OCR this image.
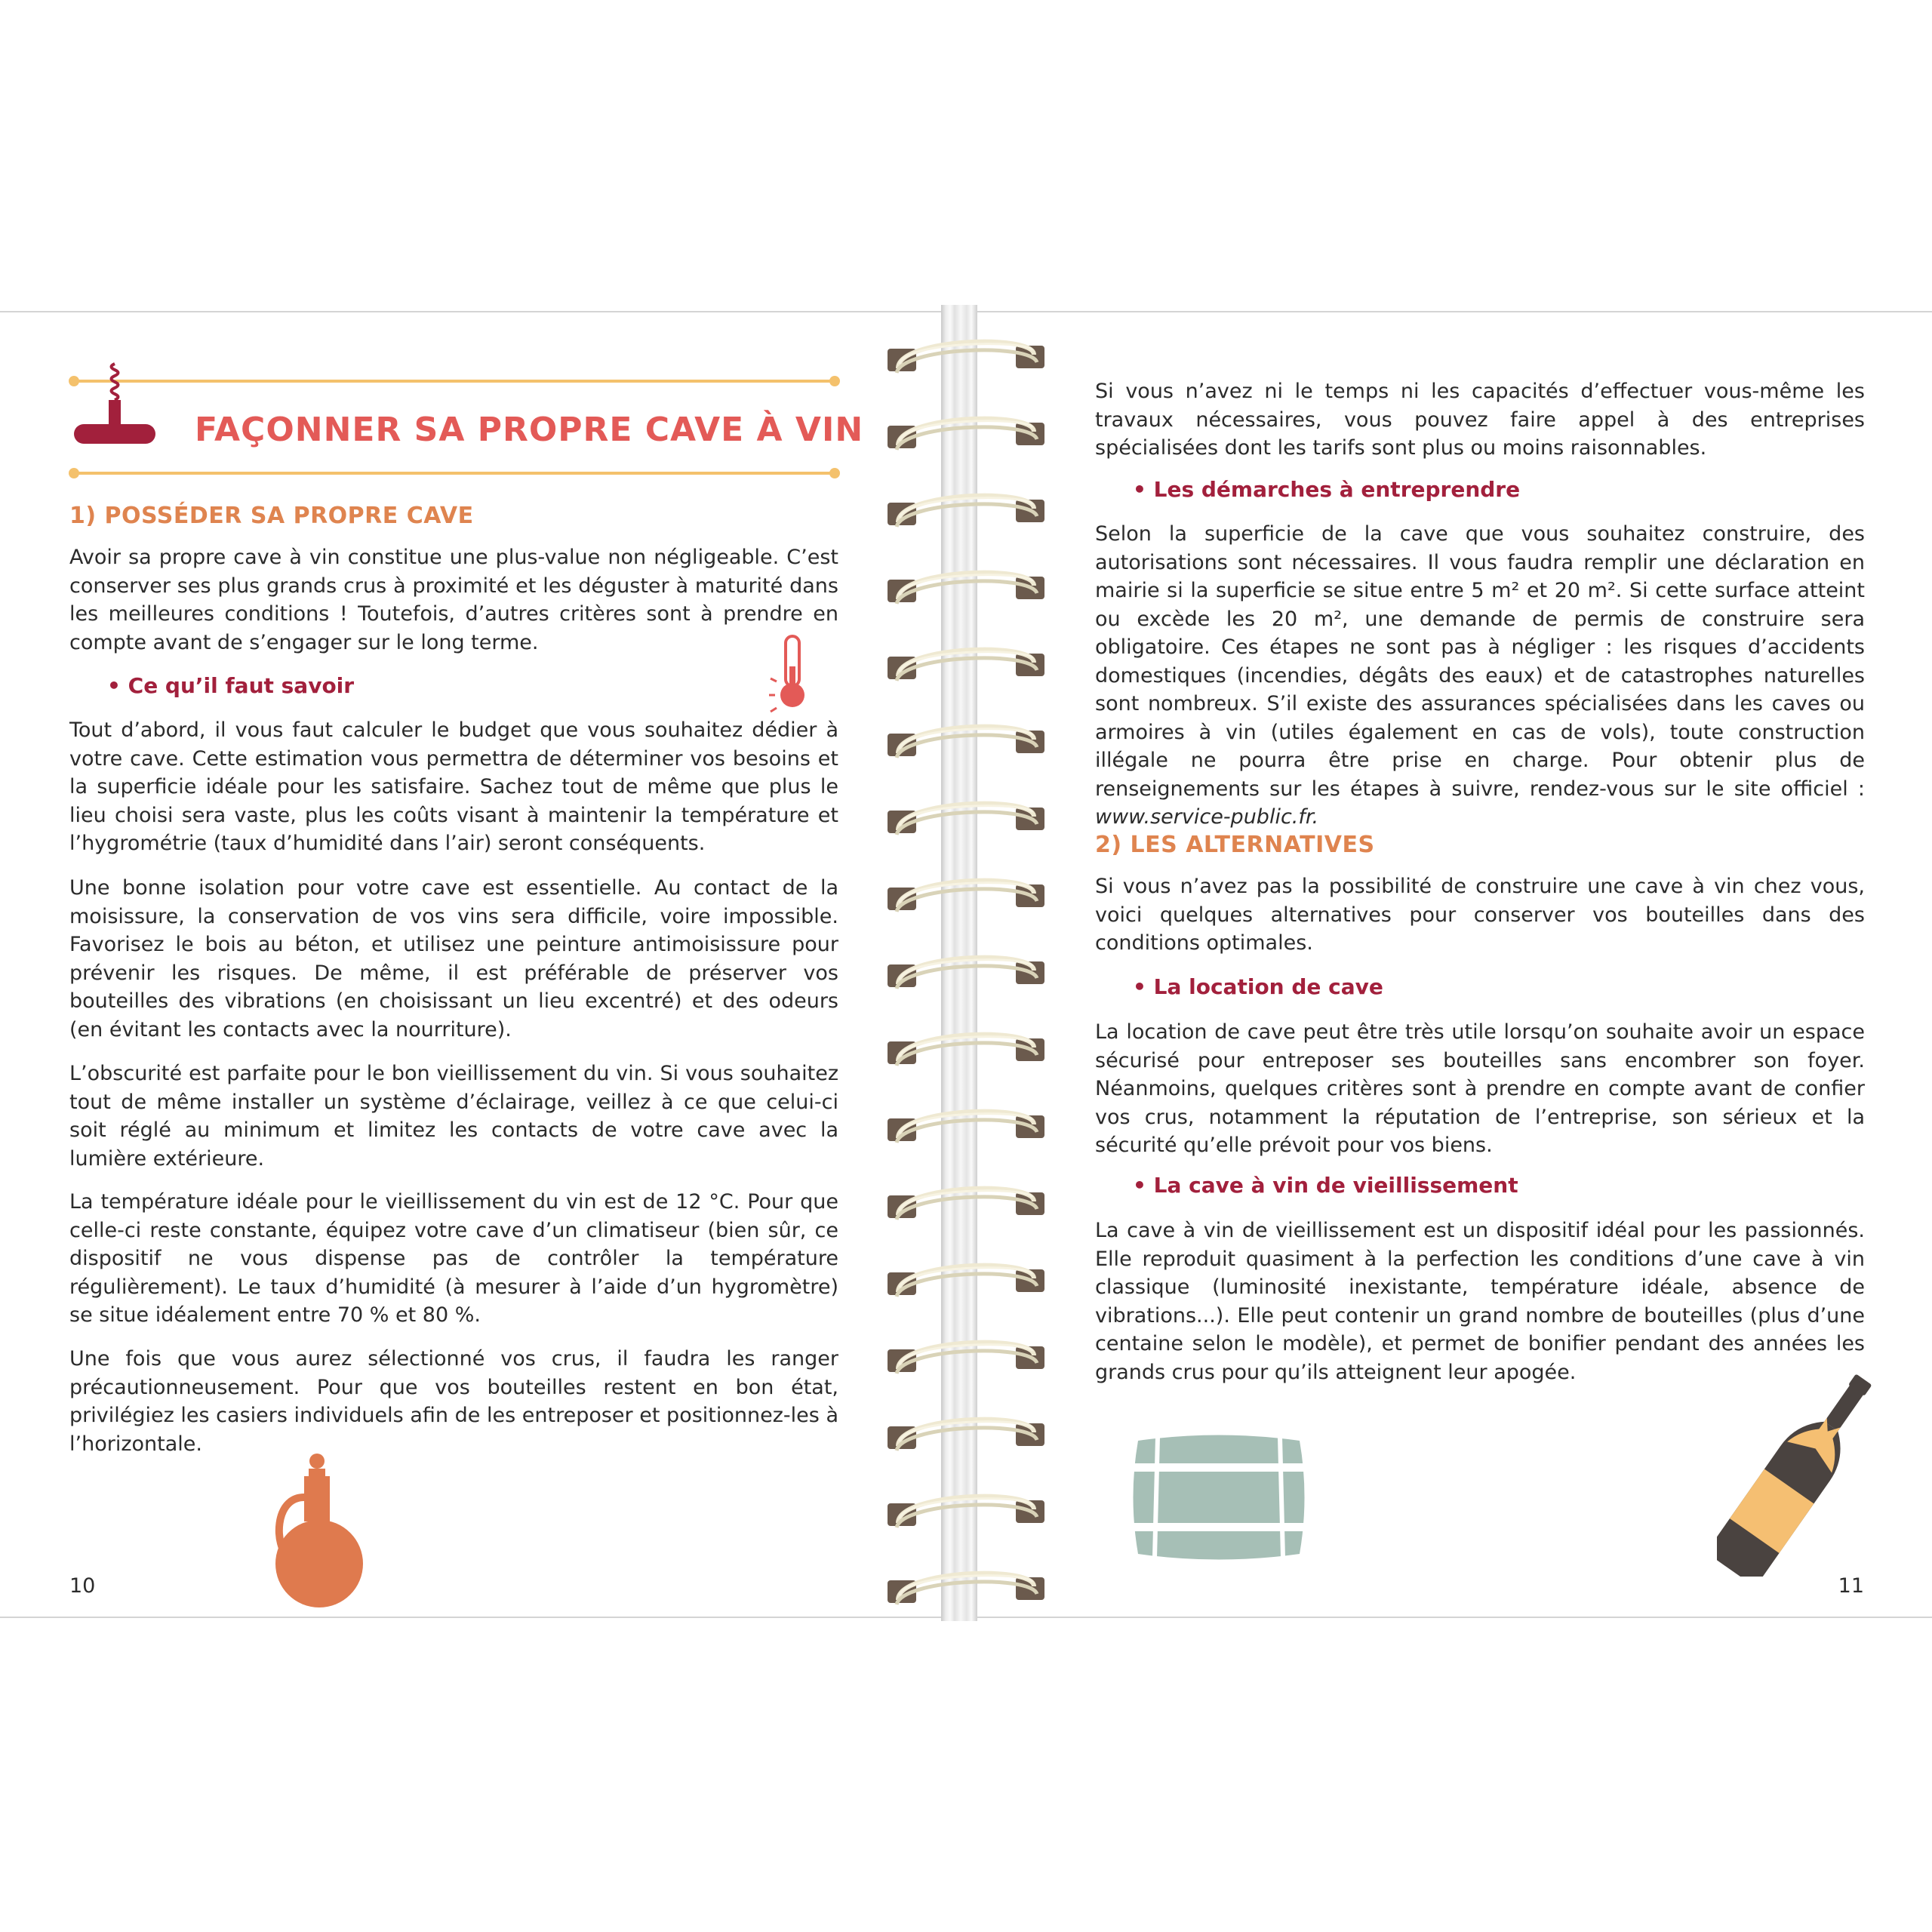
FAÇONNER SA PROPRE CAVE À VIN
1) POSSÉDER SA PROPRE CAVE

Avoir sa propre cave à vin constitue une plus-value non négligeable. C’est conserver ses plus grands crus à proximité et les déguster à maturité dans les meilleures conditions ! Toutefois, d’autres critères sont à prendre en compte avant de s’engager sur le long terme.

• Ce qu’il faut savoir

Tout d’abord, il vous faut calculer le budget que vous souhaitez dédier à votre cave. Cette estimation vous permettra de déterminer vos besoins et la superficie idéale pour les satisfaire. Sachez tout de même que plus le lieu choisi sera vaste, plus les coûts visant à maintenir la température et l’hygrométrie (taux d’humidité dans l’air) seront conséquents.

Une bonne isolation pour votre cave est essentielle. Au contact de la moisissure, la conservation de vos vins sera difficile, voire impossible. Favorisez le bois au béton, et utilisez une peinture antimoisissure pour prévenir les risques. De même, il est préférable de préserver vos bouteilles des vibrations (en choisissant un lieu excentré) et des odeurs (en évitant les contacts avec la nourriture).

L’obscurité est parfaite pour le bon vieillissement du vin. Si vous souhaitez tout de même installer un système d’éclairage, veillez à ce que celui-ci soit réglé au minimum et limitez les contacts de votre cave avec la lumière extérieure.

La température idéale pour le vieillissement du vin est de 12 °C. Pour que celle-ci reste constante, équipez votre cave d’un climatiseur (bien sûr, ce dispositif ne vous dispense pas de contrôler la température régulièrement). Le taux d’humidité (à mesurer à l’aide d’un hygromètre) se situe idéalement entre 70 % et 80 %.

Une fois que vous aurez sélectionné vos crus, il faudra les ranger précautionneusement. Pour que vos bouteilles restent en bon état, privilégiez les casiers individuels afin de les entreposer et positionnez-les à l’horizontale.

10

Si vous n’avez ni le temps ni les capacités d’effectuer vous-même les travaux nécessaires, vous pouvez faire appel à des entreprises spécialisées dont les tarifs sont plus ou moins raisonnables.

• Les démarches à entreprendre

Selon la superficie de la cave que vous souhaitez construire, des autorisations sont nécessaires. Il vous faudra remplir une déclaration en mairie si la superficie se situe entre 5 m² et 20 m². Si cette surface atteint ou excède les 20 m², une demande de permis de construire sera obligatoire. Ces étapes ne sont pas à négliger : les risques d’accidents domestiques (incendies, dégâts des eaux) et de catastrophes naturelles sont nombreux. S’il existe des assurances spécialisées dans les caves ou armoires à vin (utiles également en cas de vols), toute construction illégale ne pourra être prise en charge. Pour obtenir plus de renseignements sur les étapes à suivre, rendez-vous sur le site officiel : www.service-public.fr.

2) LES ALTERNATIVES

Si vous n’avez pas la possibilité de construire une cave à vin chez vous, voici quelques alternatives pour conserver vos bouteilles dans des conditions optimales.

• La location de cave

La location de cave peut être très utile lorsqu’on souhaite avoir un espace sécurisé pour entreposer ses bouteilles sans encombrer son foyer. Néanmoins, quelques critères sont à prendre en compte avant de confier vos crus, notamment la réputation de l’entreprise, son sérieux et la sécurité qu’elle prévoit pour vos biens.

• La cave à vin de vieillissement

La cave à vin de vieillissement est un dispositif idéal pour les passionnés. Elle reproduit quasiment à la perfection les conditions d’une cave à vin classique (luminosité inexistante, température idéale, absence de vibrations...). Elle peut contenir un grand nombre de bouteilles (plus d’une centaine selon le modèle), et permet de bonifier pendant des années les grands crus pour qu’ils atteignent leur apogée.

11
